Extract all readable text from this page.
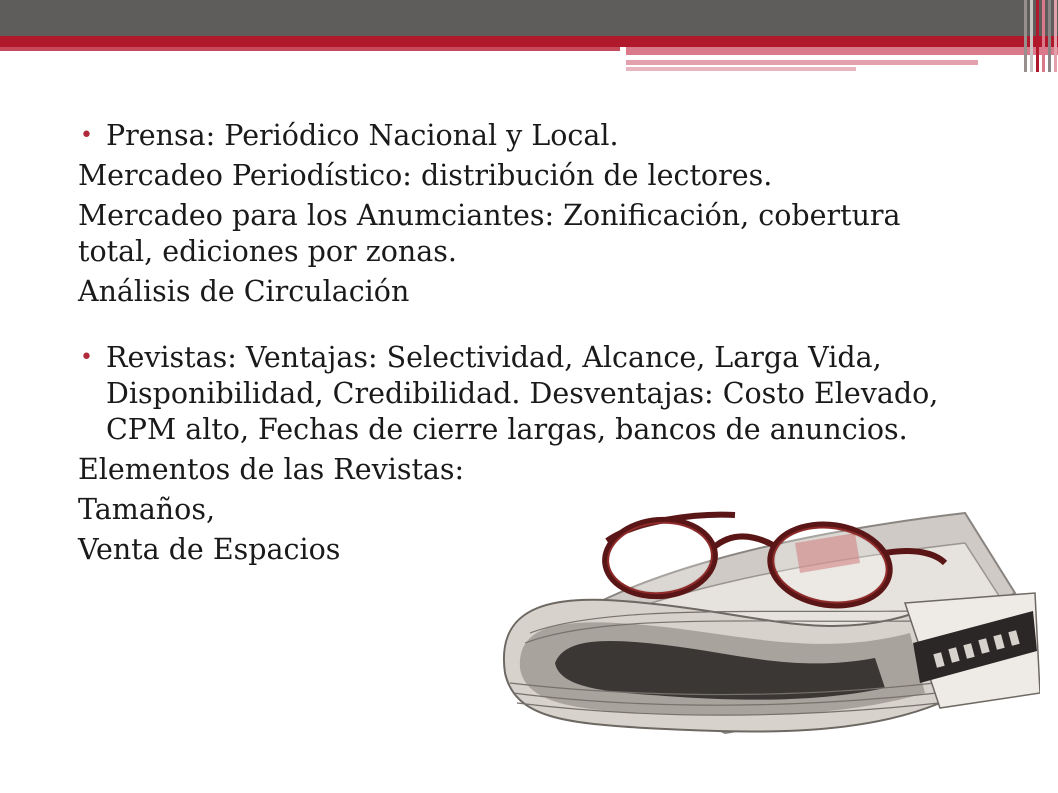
• Prensa: Periódico Nacional y Local.

Mercadeo Periodístico: distribución de lectores.

Mercadeo para los Anumciantes: Zonificación, cobertura

total, ediciones por zonas.

Análisis de Circulación

• Revistas: Ventajas: Selectividad, Alcance, Larga Vida,

Disponibilidad, Credibilidad. Desventajas: Costo Elevado,

CPM alto, Fechas de cierre largas, bancos de anuncios.

Elementos de las Revistas:

Tamaños,

Venta de Espacios
